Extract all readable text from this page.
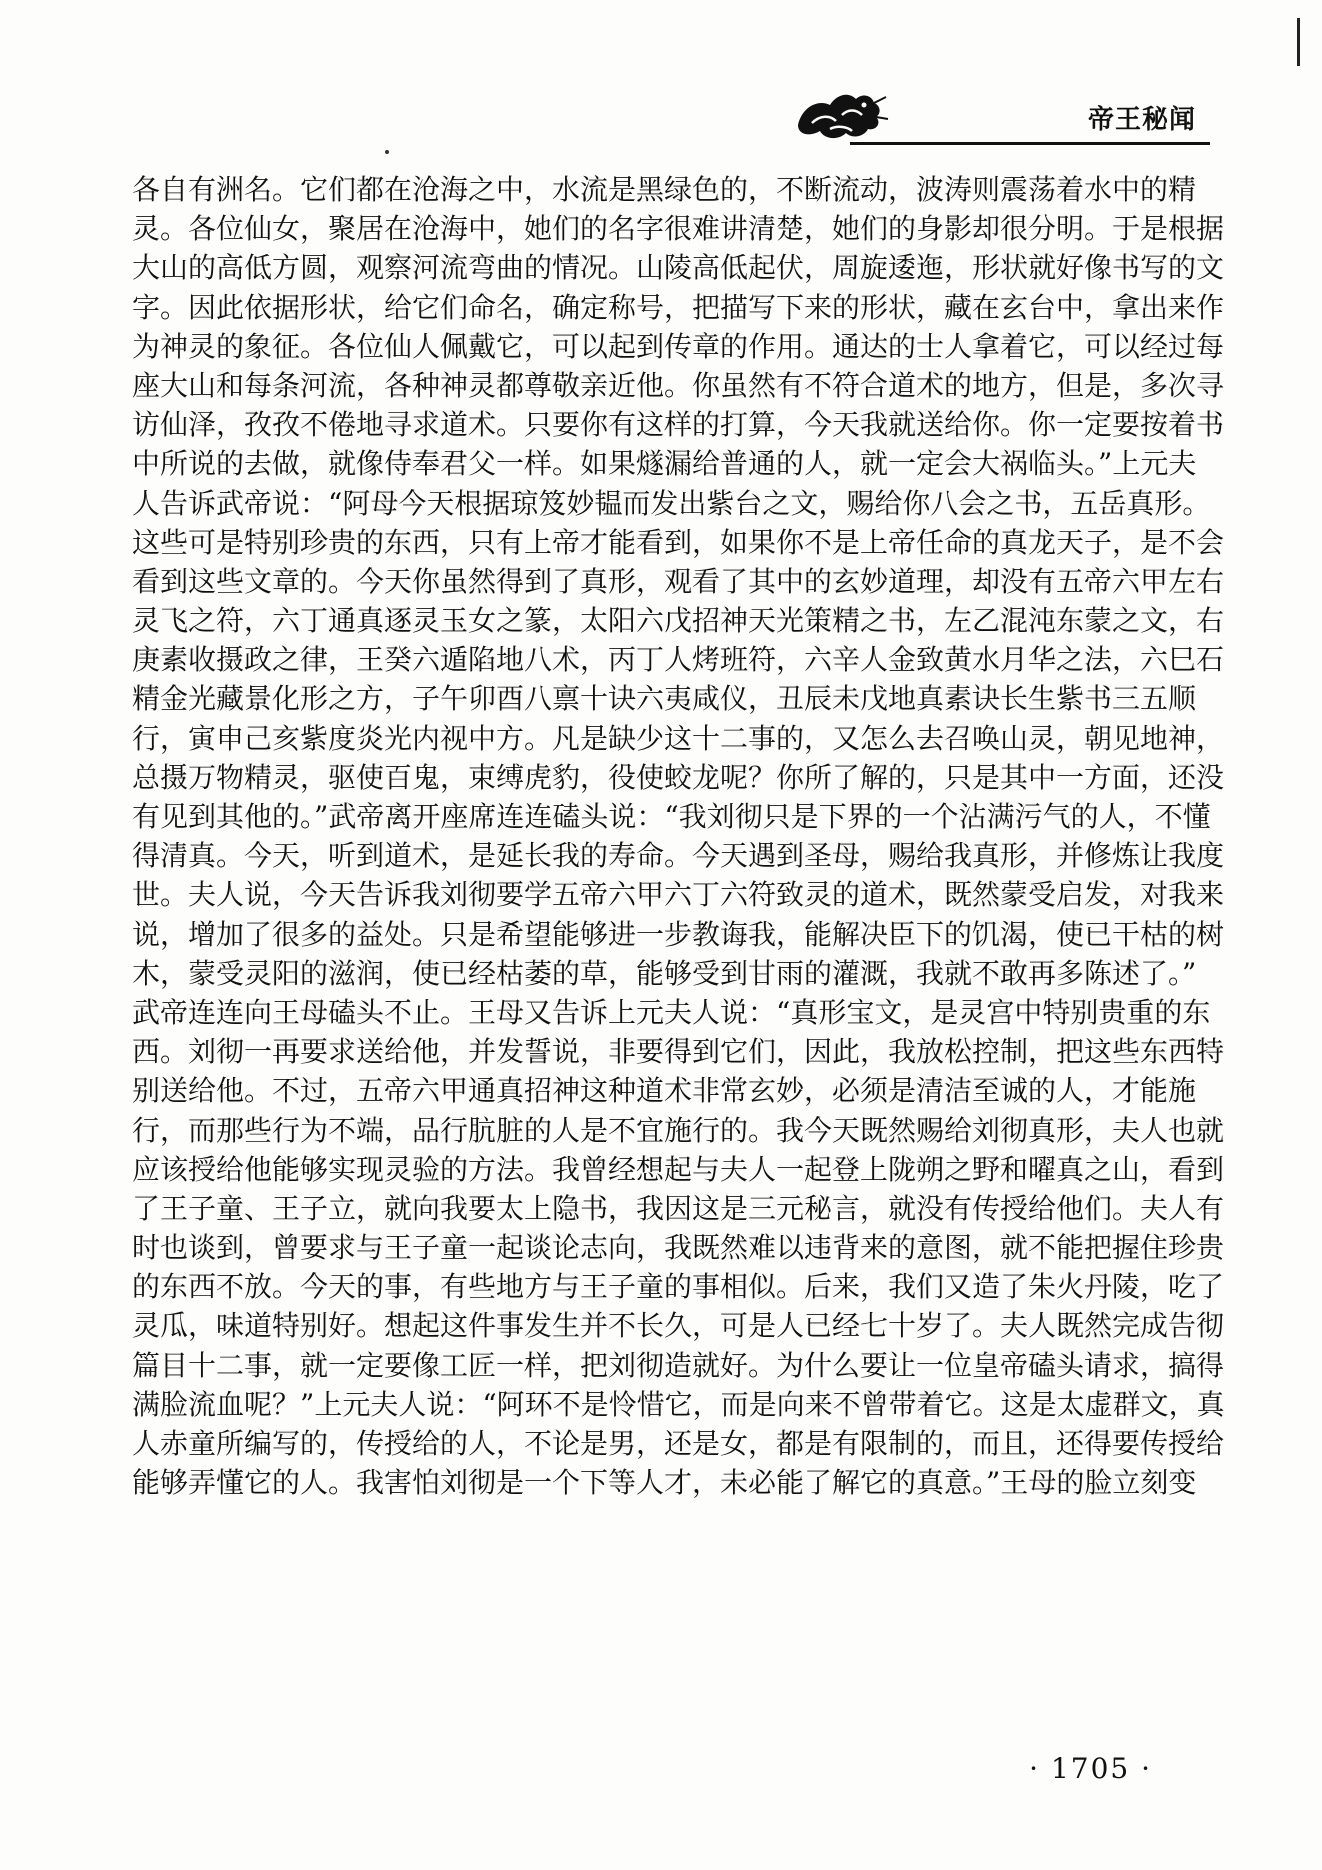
帝王秘闻
各自有洲名。它们都在沧海之中，水流是黑绿色的，不断流动，波涛则震荡着水中的精
灵。各位仙女，聚居在沧海中，她们的名字很难讲清楚，她们的身影却很分明。于是根据
大山的高低方圆，观察河流弯曲的情况。山陵高低起伏，周旋逶迤，形状就好像书写的文
字。因此依据形状，给它们命名，确定称号，把描写下来的形状，藏在玄台中，拿出来作
为神灵的象征。各位仙人佩戴它，可以起到传章的作用。通达的士人拿着它，可以经过每
座大山和每条河流，各种神灵都尊敬亲近他。你虽然有不符合道术的地方，但是，多次寻
访仙泽，孜孜不倦地寻求道术。只要你有这样的打算，今天我就送给你。你一定要按着书
中所说的去做，就像侍奉君父一样。如果燧漏给普通的人，就一定会大祸临头。”上元夫
人告诉武帝说：“阿母今天根据琼笈妙韫而发出紫台之文，赐给你八会之书，五岳真形。
这些可是特别珍贵的东西，只有上帝才能看到，如果你不是上帝任命的真龙天子，是不会
看到这些文章的。今天你虽然得到了真形，观看了其中的玄妙道理，却没有五帝六甲左右
灵飞之符，六丁通真逐灵玉女之篆，太阳六戊招神天光策精之书，左乙混沌东蒙之文，右
庚素收摄政之律，王癸六遁陷地八术，丙丁人烤班符，六辛人金致黄水月华之法，六巳石
精金光藏景化形之方，子午卯酉八禀十诀六夷咸仪，丑辰未戊地真素诀长生紫书三五顺
行，寅申己亥紫度炎光内视中方。凡是缺少这十二事的，又怎么去召唤山灵，朝见地神，
总摄万物精灵，驱使百鬼，束缚虎豹，役使蛟龙呢？你所了解的，只是其中一方面，还没
有见到其他的。”武帝离开座席连连磕头说：“我刘彻只是下界的一个沾满污气的人，不懂
得清真。今天，听到道术，是延长我的寿命。今天遇到圣母，赐给我真形，并修炼让我度
世。夫人说，今天告诉我刘彻要学五帝六甲六丁六符致灵的道术，既然蒙受启发，对我来
说，增加了很多的益处。只是希望能够进一步教诲我，能解决臣下的饥渴，使已干枯的树
木，蒙受灵阳的滋润，使已经枯萎的草，能够受到甘雨的灌溉，我就不敢再多陈述了。”
武帝连连向王母磕头不止。王母又告诉上元夫人说：“真形宝文，是灵宫中特别贵重的东
西。刘彻一再要求送给他，并发誓说，非要得到它们，因此，我放松控制，把这些东西特
别送给他。不过，五帝六甲通真招神这种道术非常玄妙，必须是清洁至诚的人，才能施
行，而那些行为不端，品行肮脏的人是不宜施行的。我今天既然赐给刘彻真形，夫人也就
应该授给他能够实现灵验的方法。我曾经想起与夫人一起登上陇朔之野和曜真之山，看到
了王子童、王子立，就向我要太上隐书，我因这是三元秘言，就没有传授给他们。夫人有
时也谈到，曾要求与王子童一起谈论志向，我既然难以违背来的意图，就不能把握住珍贵
的东西不放。今天的事，有些地方与王子童的事相似。后来，我们又造了朱火丹陵，吃了
灵瓜，味道特别好。想起这件事发生并不长久，可是人已经七十岁了。夫人既然完成告彻
篇目十二事，就一定要像工匠一样，把刘彻造就好。为什么要让一位皇帝磕头请求，搞得
满脸流血呢？”上元夫人说：“阿环不是怜惜它，而是向来不曾带着它。这是太虚群文，真
人赤童所编写的，传授给的人，不论是男，还是女，都是有限制的，而且，还得要传授给
能够弄懂它的人。我害怕刘彻是一个下等人才，未必能了解它的真意。”王母的脸立刻变
· 1705 ·
